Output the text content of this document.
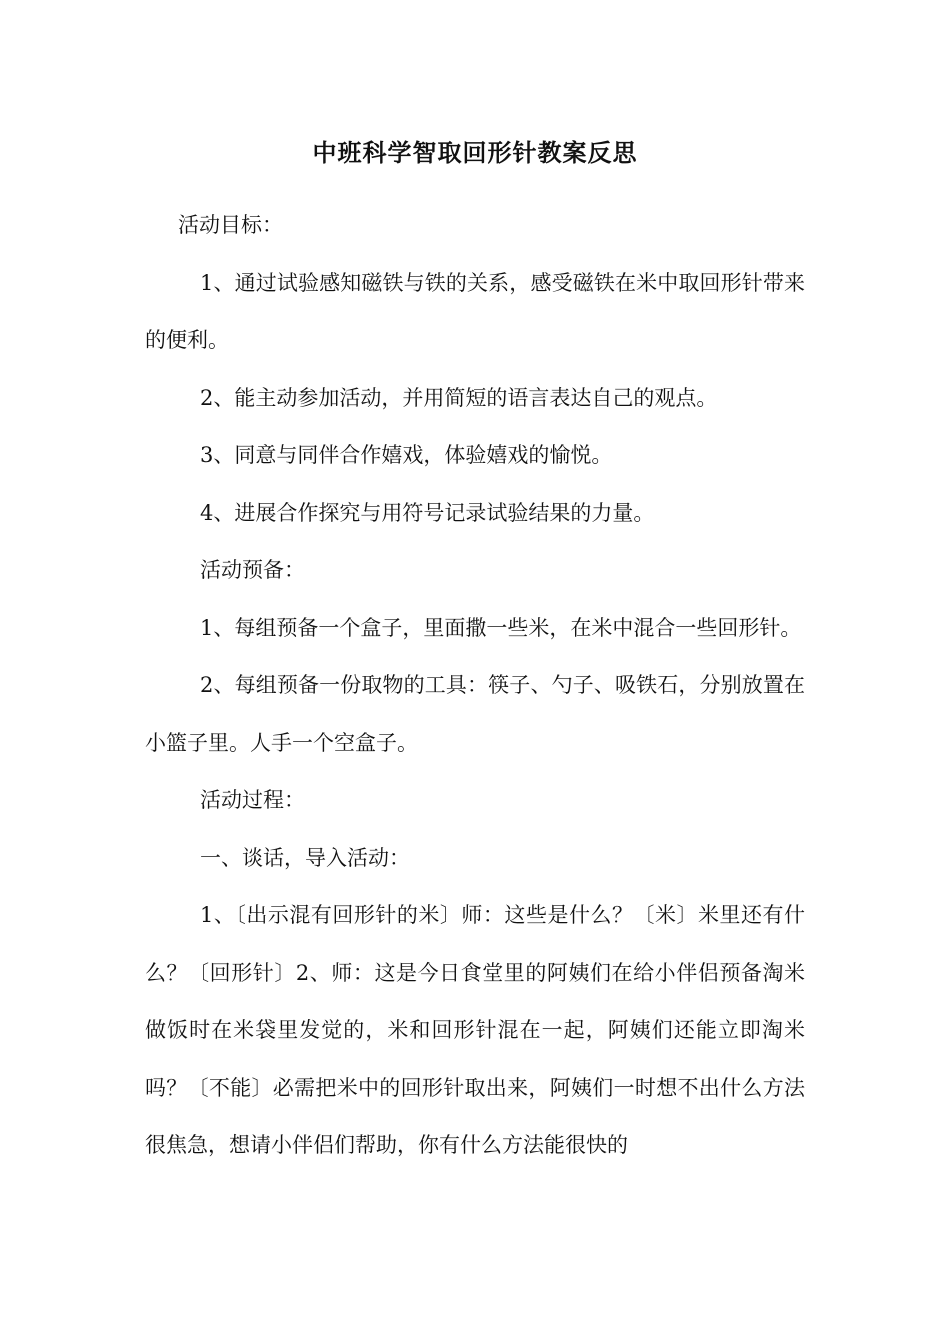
中班科学智取回形针教案反思

活动目标：

1、通过试验感知磁铁与铁的关系，感受磁铁在米中取回形针带来的便利。

2、能主动参加活动，并用简短的语言表达自己的观点。

3、同意与同伴合作嬉戏，体验嬉戏的愉悦。

4、进展合作探究与用符号记录试验结果的力量。

活动预备：

1、每组预备一个盒子，里面撒一些米，在米中混合一些回形针。

2、每组预备一份取物的工具：筷子、勺子、吸铁石，分别放置在小篮子里。人手一个空盒子。

活动过程：

一、谈话，导入活动：

1、〔出示混有回形针的米〕师：这些是什么？〔米〕米里还有什么？〔回形针〕2、师：这是今日食堂里的阿姨们在给小伴侣预备淘米做饭时在米袋里发觉的，米和回形针混在一起，阿姨们还能立即淘米吗？〔不能〕必需把米中的回形针取出来，阿姨们一时想不出什么方法很焦急，想请小伴侣们帮助，你有什么方法能很快的
